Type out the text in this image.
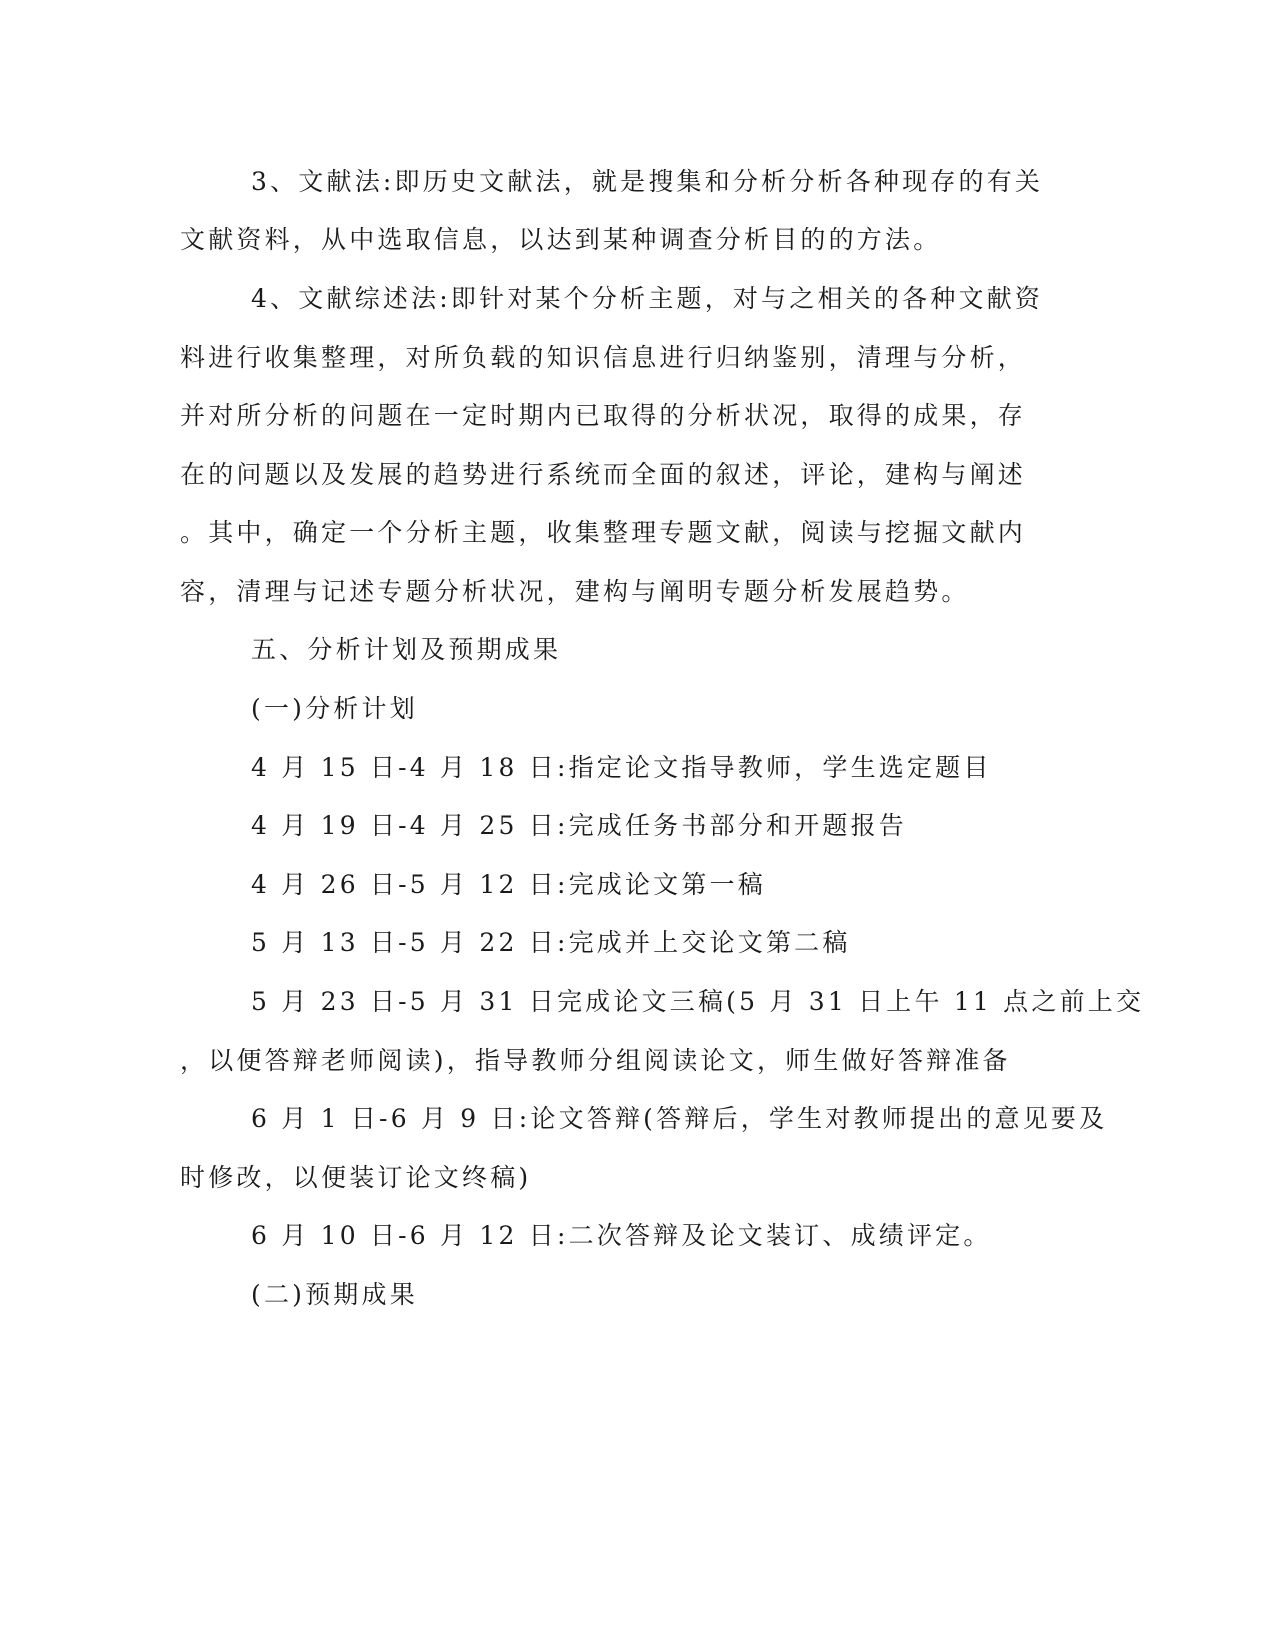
3、文献法:即历史文献法，就是搜集和分析分析各种现存的有关
文献资料，从中选取信息，以达到某种调查分析目的的方法。
4、文献综述法:即针对某个分析主题，对与之相关的各种文献资
料进行收集整理，对所负载的知识信息进行归纳鉴别，清理与分析，
并对所分析的问题在一定时期内已取得的分析状况，取得的成果，存
在的问题以及发展的趋势进行系统而全面的叙述，评论，建构与阐述
。其中，确定一个分析主题，收集整理专题文献，阅读与挖掘文献内
容，清理与记述专题分析状况，建构与阐明专题分析发展趋势。
五、分析计划及预期成果
(一)分析计划
4 月 15 日-4 月 18 日:指定论文指导教师，学生选定题目
4 月 19 日-4 月 25 日:完成任务书部分和开题报告
4 月 26 日-5 月 12 日:完成论文第一稿
5 月 13 日-5 月 22 日:完成并上交论文第二稿
5 月 23 日-5 月 31 日完成论文三稿(5 月 31 日上午 11 点之前上交
，以便答辩老师阅读)，指导教师分组阅读论文，师生做好答辩准备
6 月 1 日-6 月 9 日:论文答辩(答辩后，学生对教师提出的意见要及
时修改，以便装订论文终稿)
6 月 10 日-6 月 12 日:二次答辩及论文装订、成绩评定。
(二)预期成果
